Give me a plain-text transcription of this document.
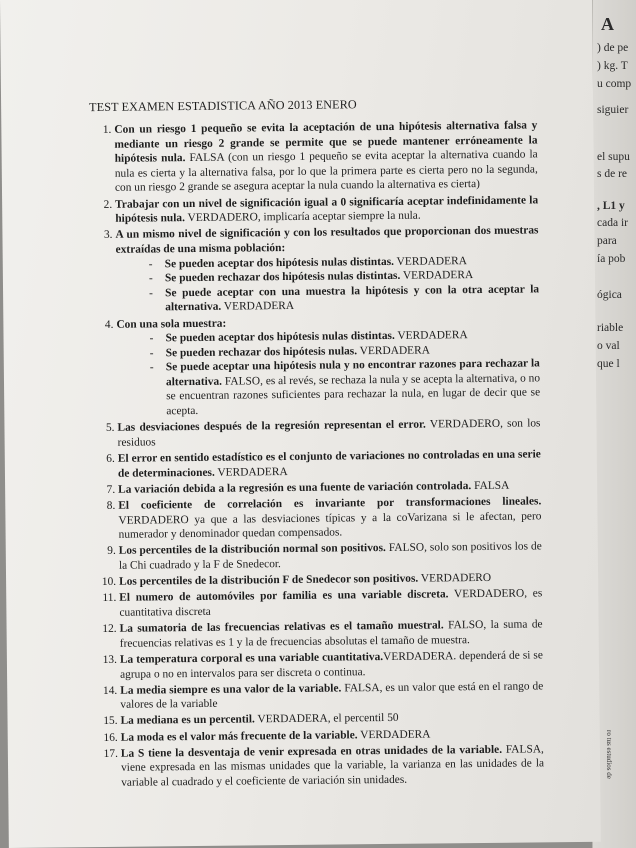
A
) de pe
) kg. T
u comp
siguier
el supu
s de re
, L1 y
cada ir
para
ía pob
ógica
riable
o val
que l
ro tus estudios de
TEST EXAMEN ESTADISTICA AÑO 2013 ENERO
1. Con un riesgo 1 pequeño se evita la aceptación de una hipótesis alternativa falsa y mediante un riesgo 2 grande se permite que se puede mantener erróneamente la hipótesis nula. FALSA (con un riesgo 1 pequeño se evita aceptar la alternativa cuando la nula es cierta y la alternativa falsa, por lo que la primera parte es cierta pero no la segunda, con un riesgo 2 grande se asegura aceptar la nula cuando la alternativa es cierta)
2. Trabajar con un nivel de significación igual a 0 significaría aceptar indefinidamente la hipótesis nula. VERDADERO, implicaría aceptar siempre la nula.
3. A un mismo nivel de significación y con los resultados que proporcionan dos muestras extraídas de una misma población:
- Se pueden aceptar dos hipótesis nulas distintas. VERDADERA
- Se pueden rechazar dos hipótesis nulas distintas. VERDADERA
- Se puede aceptar con una muestra la hipótesis y con la otra aceptar la alternativa. VERDADERA
4. Con una sola muestra:
- Se pueden aceptar dos hipótesis nulas distintas. VERDADERA
- Se pueden rechazar dos hipótesis nulas. VERDADERA
- Se puede aceptar una hipótesis nula y no encontrar razones para rechazar la alternativa. FALSO, es al revés, se rechaza la nula y se acepta la alternativa, o no se encuentran razones suficientes para rechazar la nula, en lugar de decir que se acepta.
5. Las desviaciones después de la regresión representan el error. VERDADERO, son los residuos
6. El error en sentido estadístico es el conjunto de variaciones no controladas en una serie de determinaciones. VERDADERA
7. La variación debida a la regresión es una fuente de variación controlada. FALSA
8. El coeficiente de correlación es invariante por transformaciones lineales. VERDADERO ya que a las desviaciones típicas y a la coVarizana si le afectan, pero numerador y denominador quedan compensados.
9. Los percentiles de la distribución normal son positivos. FALSO, solo son positivos los de la Chi cuadrado y la F de Snedecor.
10. Los percentiles de la distribución F de Snedecor son positivos. VERDADERO
11. El numero de automóviles por familia es una variable discreta. VERDADERO, es cuantitativa discreta
12. La sumatoria de las frecuencias relativas es el tamaño muestral. FALSO, la suma de frecuencias relativas es 1 y la de frecuencias absolutas el tamaño de muestra.
13. La temperatura corporal es una variable cuantitativa.VERDADERA. dependerá de si se agrupa o no en intervalos para ser discreta o continua.
14. La media siempre es una valor de la variable. FALSA, es un valor que está en el rango de valores de la variable
15. La mediana es un percentil. VERDADERA, el percentil 50
16. La moda es el valor más frecuente de la variable. VERDADERA
17. La S tiene la desventaja de venir expresada en otras unidades de la variable. FALSA, viene expresada en las mismas unidades que la variable, la varianza en las unidades de la variable al cuadrado y el coeficiente de variación sin unidades.
